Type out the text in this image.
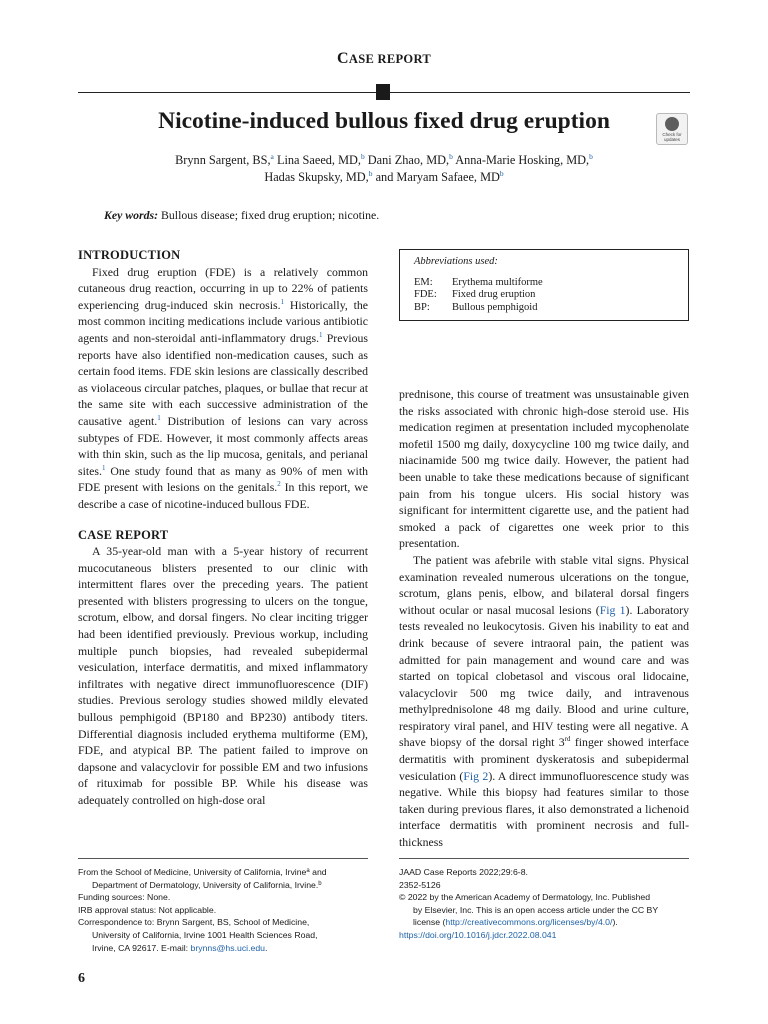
CASE REPORT
Nicotine-induced bullous fixed drug eruption
Check for updates
Brynn Sargent, BS,$^a$ Lina Saeed, MD,$^b$ Dani Zhao, MD,$^b$ Anna-Marie Hosking, MD,$^b$
Hadas Skupsky, MD,$^b$ and Maryam Safaee, $MD^b$
Key words: Bullous disease; fixed drug eruption; nicotine.
INTRODUCTION

Fixed drug eruption (FDE) is a relatively common cutaneous drug reaction, occurring in up to 22% of patients experiencing drug-induced skin necrosis.$^1$ Historically, the most common inciting medications include various antibiotic agents and non-steroidal anti-inflammatory drugs.$^1$ Previous reports have also identified non-medication causes, such as certain food items. FDE skin lesions are classically described as violaceous circular patches, plaques, or bullae that recur at the same site with each successive administration of the causative agent.$^1$ Distribution of lesions can vary across subtypes of FDE. However, it most commonly affects areas with thin skin, such as the lip mucosa, genitals, and perianal sites.$^1$ One study found that as many as 90% of men with FDE present with lesions on the genitals.$^2$ In this report, we describe a case of nicotine-induced bullous FDE.

CASE REPORT

A 35-year-old man with a 5-year history of recurrent mucocutaneous blisters presented to our clinic with intermittent flares over the preceding years. The patient presented with blisters progressing to ulcers on the tongue, scrotum, elbow, and dorsal fingers. No clear inciting trigger had been identified previously. Previous workup, including multiple punch biopsies, had revealed subepidermal vesiculation, interface dermatitis, and mixed inflammatory infiltrates with negative direct immunofluorescence (DIF) studies. Previous serology studies showed mildly elevated bullous pemphigoid (BP180 and BP230) antibody titers. Differential diagnosis included erythema multiforme (EM), FDE, and atypical BP. The patient failed to improve on dapsone and valacyclovir for possible EM and two infusions of rituximab for possible BP. While his disease was adequately controlled on high-dose oral

Abbreviations used:
EM:	Erythema multiforme
FDE:	Fixed drug eruption
BP:	Bullous pemphigoid

prednisone, this course of treatment was unsustainable given the risks associated with chronic high-dose steroid use. His medication regimen at presentation included mycophenolate mofetil 1500 mg daily, doxycycline 100 mg twice daily, and niacinamide 500 mg twice daily. However, the patient had been unable to take these medications because of significant pain from his tongue ulcers. His social history was significant for intermittent cigarette use, and the patient had smoked a pack of cigarettes one week prior to this presentation.

The patient was afebrile with stable vital signs. Physical examination revealed numerous ulcerations on the tongue, scrotum, glans penis, elbow, and bilateral dorsal fingers without ocular or nasal mucosal lesions (Fig 1). Laboratory tests revealed no leukocytosis. Given his inability to eat and drink because of severe intraoral pain, the patient was admitted for pain management and wound care and was started on topical clobetasol and viscous oral lidocaine, valacyclovir 500 mg twice daily, and intravenous methylprednisolone 48 mg daily. Blood and urine culture, respiratory viral panel, and HIV testing were all negative. A shave biopsy of the dorsal right 3rd finger showed interface dermatitis with prominent dyskeratosis and subepidermal vesiculation (Fig 2). A direct immunofluorescence study was negative. While this biopsy had features similar to those taken during previous flares, it also demonstrated a lichenoid interface dermatitis with prominent necrosis and full-thickness

From the School of Medicine, University of California, Irvine$^a$ and
Department of Dermatology, University of California, Irvine.$^b$
Funding sources: None.
IRB approval status: Not applicable.
Correspondence to: Brynn Sargent, BS, School of Medicine,
University of California, Irvine 1001 Health Sciences Road,
Irvine, CA 92617. E-mail: brynns@hs.uci.edu.
JAAD Case Reports 2022;29:6-8.
2352-5126
© 2022 by the American Academy of Dermatology, Inc. Published
by Elsevier, Inc. This is an open access article under the CC BY
license (http://creativecommons.org/licenses/by/4.0/).
https://doi.org/10.1016/j.jdcr.2022.08.041
6
